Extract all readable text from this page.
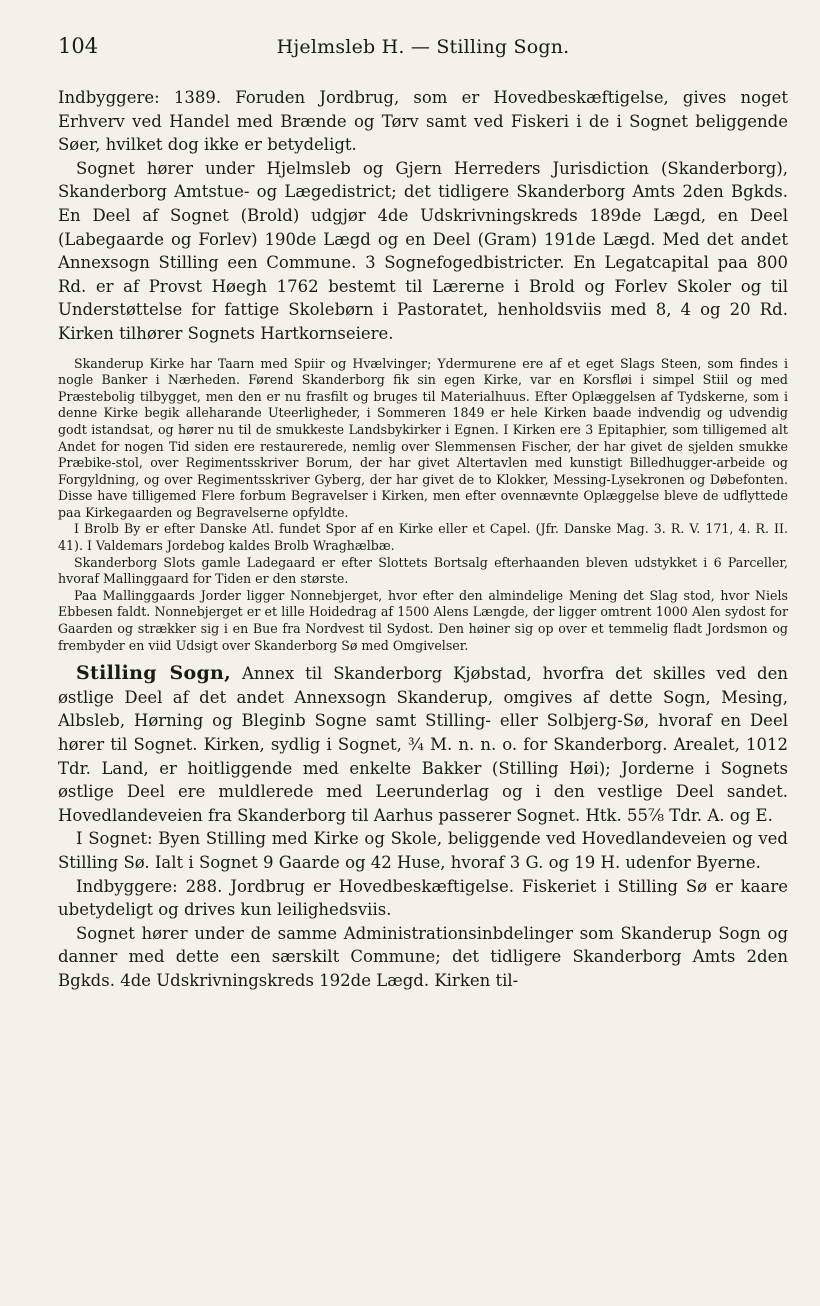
104	Hjelmsleb H. — Stilling Sogn.

Indbyggere: 1389. Foruden Jordbrug, som er Hovedbeskæftigelse, gives noget Erhverv ved Handel med Brænde og Tørv samt ved Fiskeri i de i Sognet beliggende Søer, hvilket dog ikke er betydeligt.

Sognet hører under Hjelmsleb og Gjern Herreders Jurisdiction (Skanderborg), Skanderborg Amtstue- og Lægedistrict; det tidligere Skanderborg Amts 2den Bgkds. En Deel af Sognet (Brold) udgjør 4de Udskrivningskreds 189de Lægd, en Deel (Labegaarde og Forlev) 190de Lægd og en Deel (Gram) 191de Lægd. Med det andet Annexsogn Stilling een Commune. 3 Sognefogedbistricter. En Legatcapital paa 800 Rd. er af Provst Høegh 1762 bestemt til Lærerne i Brold og Forlev Skoler og til Understøttelse for fattige Skolebørn i Pastoratet, henholdsviis med 8, 4 og 20 Rd. Kirken tilhører Sognets Hartkornseiere.

Skanderup Kirke har Taarn med Spiir og Hvælvinger; Ydermurene ere af et eget Slags Steen, som findes i nogle Banker i Nærheden. Førend Skanderborg fik sin egen Kirke, var en Korsfløi i simpel Stiil og med Præstebolig tilbygget, men den er nu frasfilt og bruges til Materialhuus. Efter Oplæggelsen af Tydskerne, som i denne Kirke begik alleharande Uteerligheder, i Sommeren 1849 er hele Kirken baade indvendig og udvendig godt istandsat, og hører nu til de smukkeste Landsbykirker i Egnen. I Kirken ere 3 Epitaphier, som tilligemed alt Andet for nogen Tid siden ere restaurerede, nemlig over Slemmensen Fischer, der har givet de sjelden smukke Præbike-stol, over Regimentsskriver Borum, der har givet Altertavlen med kunstigt Billedhugger-arbeide og Forgyldning, og over Regimentsskriver Gyberg, der har givet de to Klokker, Messing-Lysekronen og Døbefonten. Disse have tilligemed Flere forbum Begravelser i Kirken, men efter ovennævnte Oplæggelse bleve de udflyttede paa Kirkegaarden og Begravelserne opfyldte.

I Brolb By er efter Danske Atl. fundet Spor af en Kirke eller et Capel. (Jfr. Danske Mag. 3. R. V. 171, 4. R. II. 41). I Valdemars Jordebog kaldes Brolb Wraghælbæ.

Skanderborg Slots gamle Ladegaard er efter Slottets Bortsalg efterhaanden bleven udstykket i 6 Parceller, hvoraf Mallinggaard for Tiden er den største.

Paa Mallinggaards Jorder ligger Nonnebjerget, hvor efter den almindelige Mening det Slag stod, hvor Niels Ebbesen faldt. Nonnebjerget er et lille Hoidedrag af 1500 Alens Længde, der ligger omtrent 1000 Alen sydost for Gaarden og strækker sig i en Bue fra Nordvest til Sydost. Den høiner sig op over et temmelig fladt Jordsmon og frembyder en viid Udsigt over Skanderborg Sø med Omgivelser.

Stilling Sogn, Annex til Skanderborg Kjøbstad, hvorfra det skilles ved den østlige Deel af det andet Annexsogn Skanderup, omgives af dette Sogn, Mesing, Albsleb, Hørning og Bleginb Sogne samt Stilling- eller Solbjerg-Sø, hvoraf en Deel hører til Sognet. Kirken, sydlig i Sognet, ¾ M. n. n. o. for Skanderborg. Arealet, 1012 Tdr. Land, er hoitliggende med enkelte Bakker (Stilling Høi); Jorderne i Sognets østlige Deel ere muldlerede med Leerunderlag og i den vestlige Deel sandet. Hovedlandeveien fra Skanderborg til Aarhus passerer Sognet. Htk. 55⅞ Tdr. A. og E.

I Sognet: Byen Stilling med Kirke og Skole, beliggende ved Hovedlandeveien og ved Stilling Sø. Ialt i Sognet 9 Gaarde og 42 Huse, hvoraf 3 G. og 19 H. udenfor Byerne.

Indbyggere: 288. Jordbrug er Hovedbeskæftigelse. Fiskeriet i Stilling Sø er kaare ubetydeligt og drives kun leilighedsviis.

Sognet hører under de samme Administrationsinbdelinger som Skanderup Sogn og danner med dette een særskilt Commune; det tidligere Skanderborg Amts 2den Bgkds. 4de Udskrivningskreds 192de Lægd. Kirken til-
